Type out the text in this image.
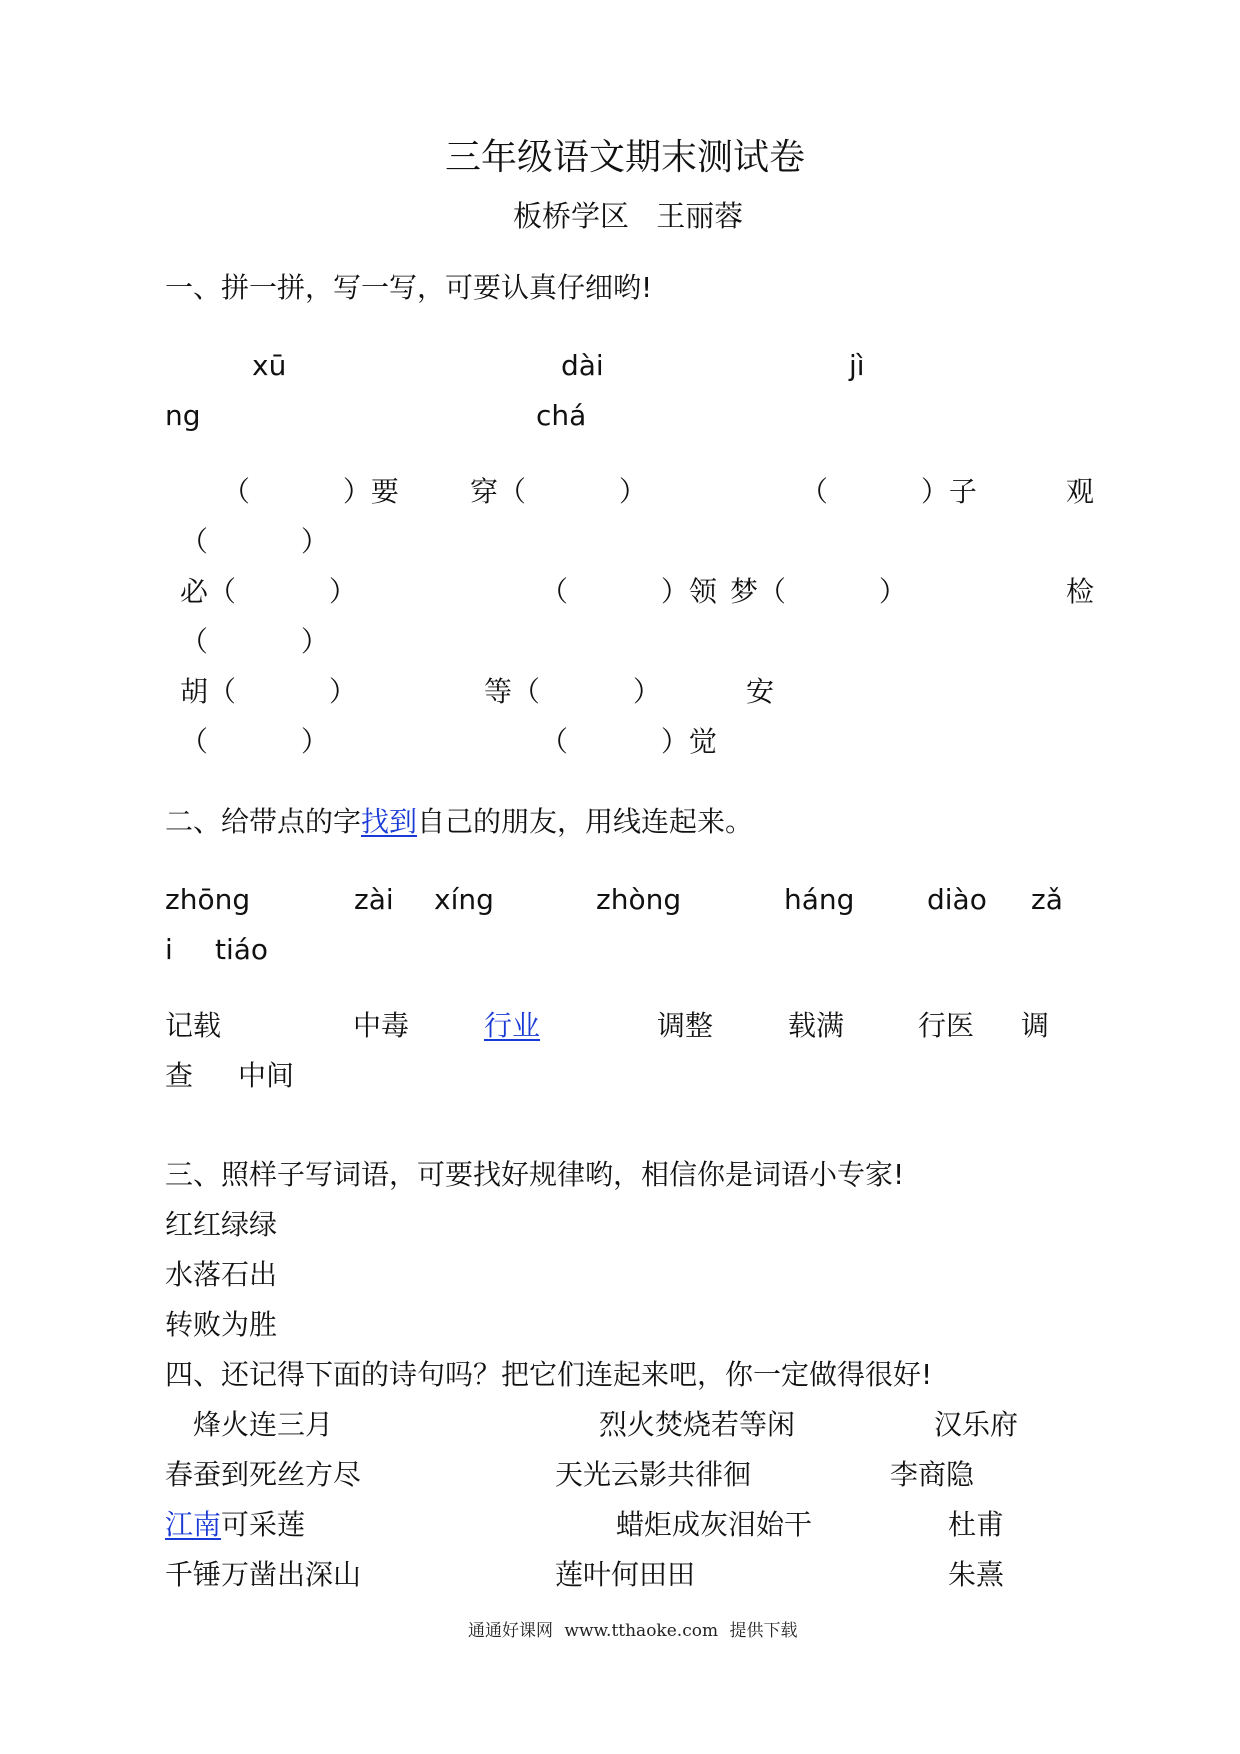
三年级语文期末测试卷
板桥学区 王丽蓉
一、拼一拼，写一写，可要认真仔细哟!
xū	dài	jì
ng	chá
（ ）要	穿（ ）	（ ）子	观
（ ）
必（ ）	（ ）领 梦（ ）	检
（ ）
胡（ ）	等（ ）	安
（ ）	（ ）觉
二、给带点的字找到自己的朋友，用线连起来。
zhōng	zài xíng	zhòng	háng	diào zǎ
i tiáo
记载	中毒	行业	调整	载满	行医 调
查 中间
三、照样子写词语，可要找好规律哟，相信你是词语小专家!
红红绿绿
水落石出
转败为胜
四、还记得下面的诗句吗？把它们连起来吧，你一定做得很好!
烽火连三月	烈火焚烧若等闲	汉乐府
春蚕到死丝方尽	天光云影共徘徊	李商隐
江南可采莲	蜡炬成灰泪始干	杜甫
千锤万凿出深山	莲叶何田田	朱熹
通通好课网 www.tthaoke.com 提供下载
